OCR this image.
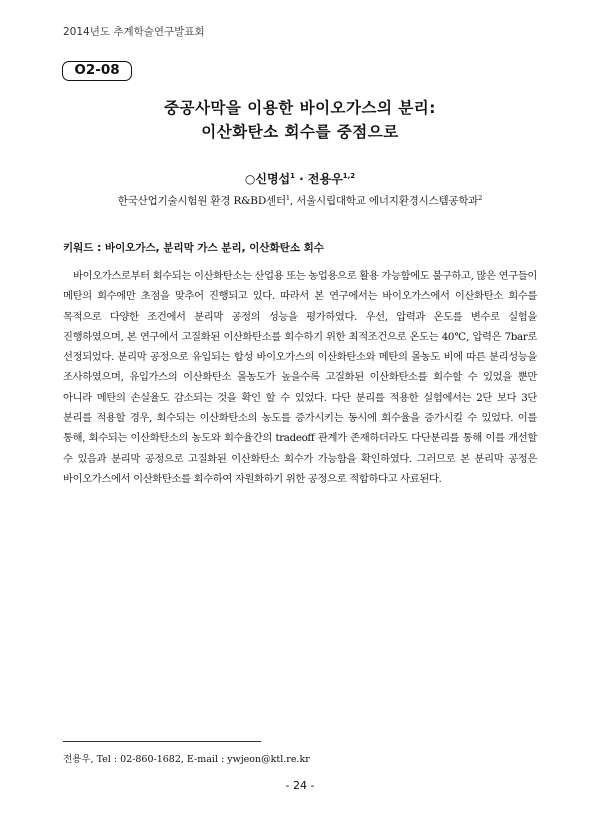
2014년도 추계학술연구발표회
O2-08
중공사막을 이용한 바이오가스의 분리:
이산화탄소 회수를 중점으로
○신명섭$^1$ · 전용우$^{1,2}$
한국산업기술시험원 환경 R&BD센터$^1$, 서울시립대학교 에너지환경시스템공학과$^2$
키워드 : 바이오가스, 분리막 가스 분리, 이산화탄소 회수
바이오가스로부터 회수되는 이산화탄소는 산업용 또는 농업용으로 활용 가능함에도 불구하고, 많은 연구들이 메탄의 회수에만 초점을 맞추어 진행되고 있다. 따라서 본 연구에서는 바이오가스에서 이산화탄소 회수를 목적으로 다양한 조건에서 분리막 공정의 성능을 평가하였다. 우선, 압력과 온도를 변수로 실험을 진행하였으며, 본 연구에서 고질화된 이산화탄소를 회수하기 위한 최적조건으로 온도는 40℃, 압력은 7bar로 선정되었다. 분리막 공정으로 유입되는 합성 바이오가스의 이산화탄소와 메탄의 몰농도 비에 따른 분리성능을 조사하였으며, 유입가스의 이산화탄소 몰농도가 높을수록 고질화된 이산화탄소를 회수할 수 있었을 뿐만 아니라 메탄의 손실율도 감소되는 것을 확인 할 수 있었다. 다단 분리를 적용한 실험에서는 2단 보다 3단 분리를 적용할 경우, 회수되는 이산화탄소의 농도를 증가시키는 동시에 회수율을 증가시킬 수 있었다. 이를 통해, 회수되는 이산화탄소의 농도와 회수율간의 tradeoff 관계가 존재하더라도 다단분리를 통해 이를 개선할 수 있음과 분리막 공정으로 고질화된 이산화탄소 회수가 가능함을 확인하였다. 그러므로 본 분리막 공정은 바이오가스에서 이산화탄소를 회수하여 자원화하기 위한 공정으로 적합하다고 사료된다.
전용우, Tel : 02-860-1682, E-mail : ywjeon@ktl.re.kr
- 24 -
